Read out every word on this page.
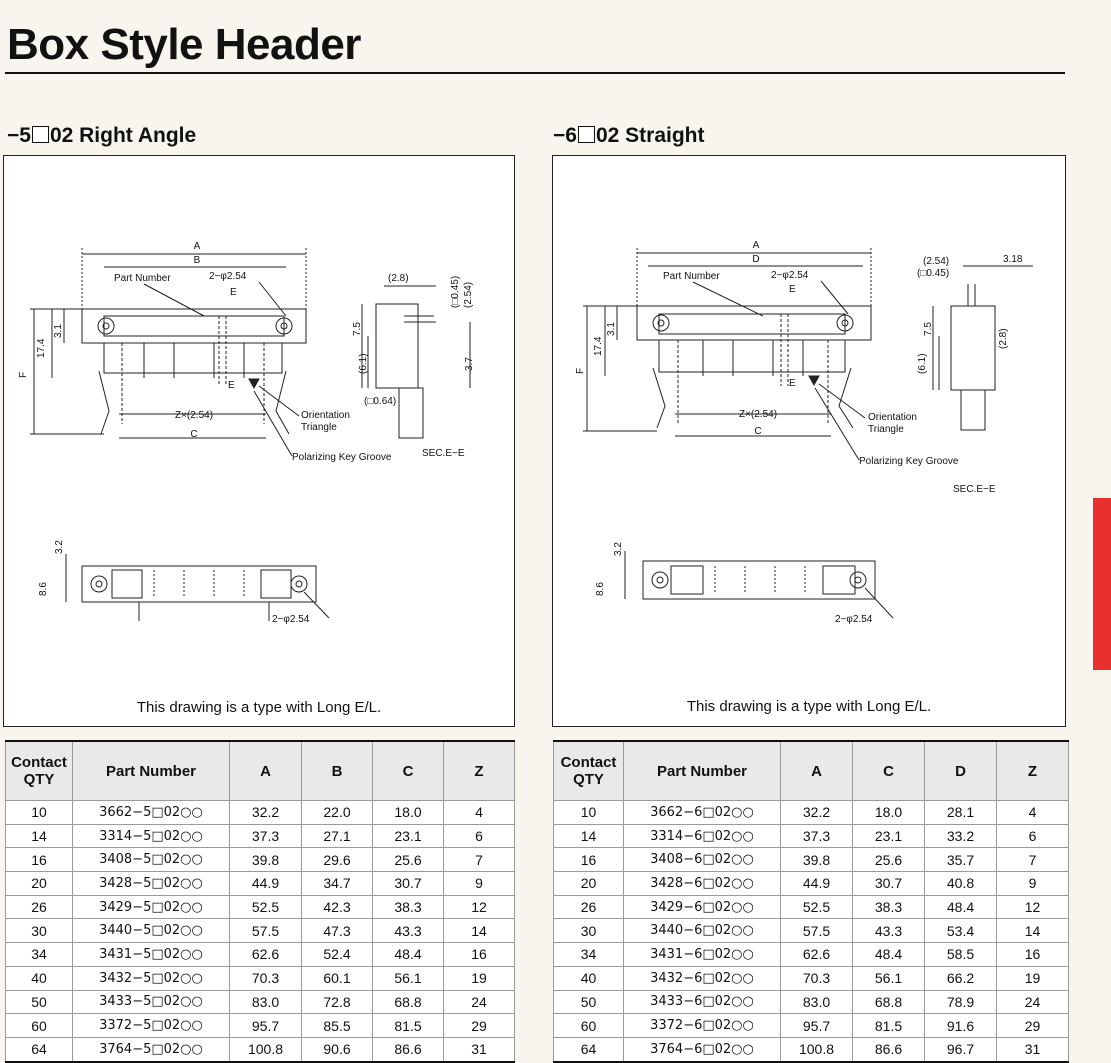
Box Style Header
−5 02 Right Angle
A
B
Part Number	2−φ2.54
E
E
F
17.4
3.1
Z×(2.54)
C
Orientation
Triangle
Polarizing Key Groove
7.5
(6.1)
(2.8)	(□0.45) (2.54)
3.7
(□0.64)
SEC.E−E
3.2
8.6
2−φ2.54
This drawing is a type with Long E/L.
−6 02 Straight
A
D
Part Number	2−φ2.54
E
E
F
17.4
3.1
Z×(2.54)
C
Orientation
Triangle
Polarizing Key Groove
7.5
(6.1)
(2.8)
(2.54)
(□0.45)
3.18
SEC.E−E
3.2
8.6
2−φ2.54
This drawing is a type with Long E/L.
Contact QTY	Part Number	A	B	C	Z
10	3662−5□02○○	32.2	22.0	18.0	4
14	3314−5□02○○	37.3	27.1	23.1	6
16	3408−5□02○○	39.8	29.6	25.6	7
20	3428−5□02○○	44.9	34.7	30.7	9
26	3429−5□02○○	52.5	42.3	38.3	12
30	3440−5□02○○	57.5	47.3	43.3	14
34	3431−5□02○○	62.6	52.4	48.4	16
40	3432−5□02○○	70.3	60.1	56.1	19
50	3433−5□02○○	83.0	72.8	68.8	24
60	3372−5□02○○	95.7	85.5	81.5	29
64	3764−5□02○○	100.8	90.6	86.6	31
Contact QTY	Part Number	A	C	D	Z
10	3662−6□02○○	32.2	18.0	28.1	4
14	3314−6□02○○	37.3	23.1	33.2	6
16	3408−6□02○○	39.8	25.6	35.7	7
20	3428−6□02○○	44.9	30.7	40.8	9
26	3429−6□02○○	52.5	38.3	48.4	12
30	3440−6□02○○	57.5	43.3	53.4	14
34	3431−6□02○○	62.6	48.4	58.5	16
40	3432−6□02○○	70.3	56.1	66.2	19
50	3433−6□02○○	83.0	68.8	78.9	24
60	3372−6□02○○	95.7	81.5	91.6	29
64	3764−6□02○○	100.8	86.6	96.7	31
